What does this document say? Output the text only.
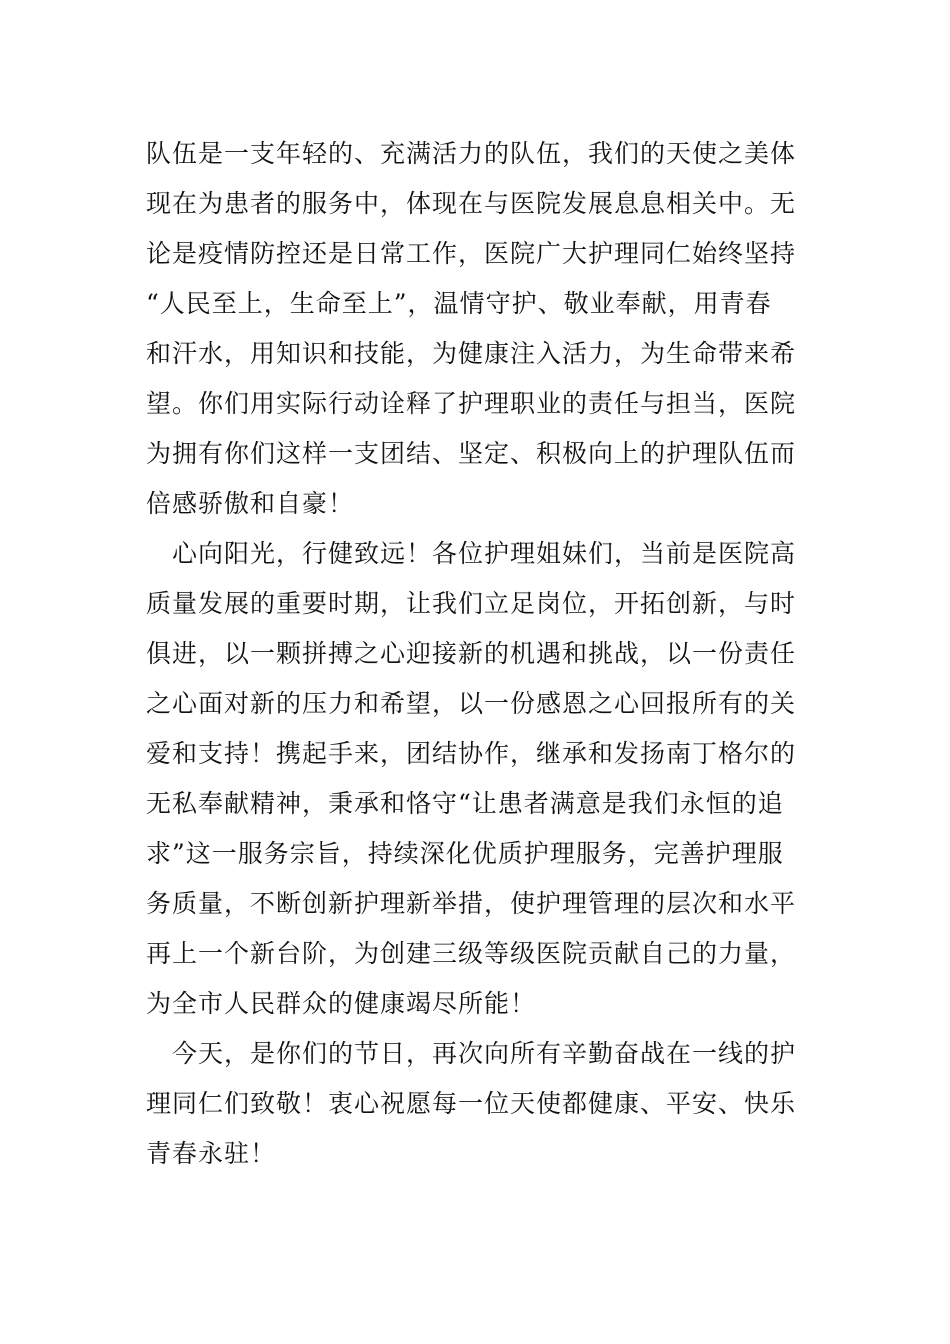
队伍是一支年轻的、充满活力的队伍，我们的天使之美体
现在为患者的服务中，体现在与医院发展息息相关中。无
论是疫情防控还是日常工作，医院广大护理同仁始终坚持
“人民至上，生命至上”，温情守护、敬业奉献，用青春
和汗水，用知识和技能，为健康注入活力，为生命带来希
望。你们用实际行动诠释了护理职业的责任与担当，医院
为拥有你们这样一支团结、坚定、积极向上的护理队伍而
倍感骄傲和自豪！
　心向阳光，行健致远！各位护理姐妹们，当前是医院高
质量发展的重要时期，让我们立足岗位，开拓创新，与时
俱进，以一颗拼搏之心迎接新的机遇和挑战，以一份责任
之心面对新的压力和希望，以一份感恩之心回报所有的关
爱和支持！携起手来，团结协作，继承和发扬南丁格尔的
无私奉献精神，秉承和恪守“让患者满意是我们永恒的追
求”这一服务宗旨，持续深化优质护理服务，完善护理服
务质量，不断创新护理新举措，使护理管理的层次和水平
再上一个新台阶，为创建三级等级医院贡献自己的力量，
为全市人民群众的健康竭尽所能！
　今天，是你们的节日，再次向所有辛勤奋战在一线的护
理同仁们致敬！衷心祝愿每一位天使都健康、平安、快乐
青春永驻！
